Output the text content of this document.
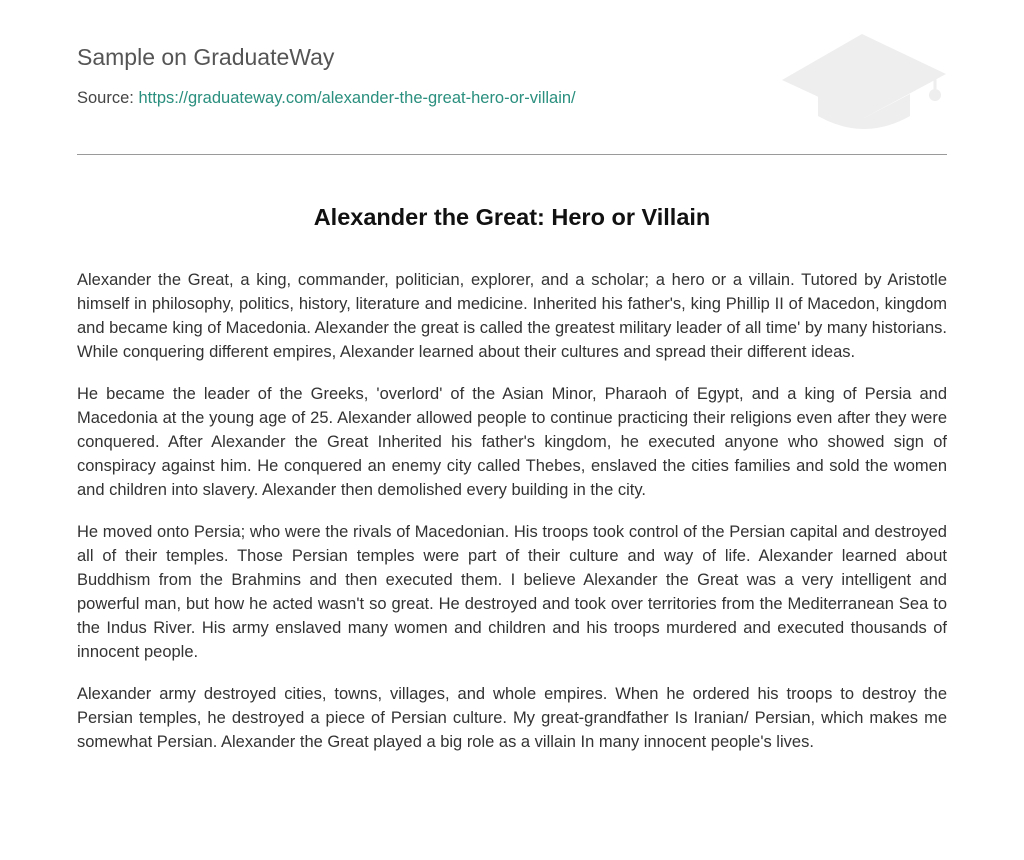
Sample on GraduateWay
Source: https://graduateway.com/alexander-the-great-hero-or-villain/
Alexander the Great: Hero or Villain

Alexander the Great, a king, commander, politician, explorer, and a scholar; a hero or a villain. Tutored by Aristotle himself in philosophy, politics, history, literature and medicine. Inherited his father's, king Phillip II of Macedon, kingdom and became king of Macedonia. Alexander the great is called the greatest military leader of all time' by many historians. While conquering different empires, Alexander learned about their cultures and spread their different ideas.

He became the leader of the Greeks, 'overlord' of the Asian Minor, Pharaoh of Egypt, and a king of Persia and Macedonia at the young age of 25. Alexander allowed people to continue practicing their religions even after they were conquered. After Alexander the Great Inherited his father's kingdom, he executed anyone who showed sign of conspiracy against him. He conquered an enemy city called Thebes, enslaved the cities families and sold the women and children into slavery. Alexander then demolished every building in the city.

He moved onto Persia; who were the rivals of Macedonian. His troops took control of the Persian capital and destroyed all of their temples. Those Persian temples were part of their culture and way of life. Alexander learned about Buddhism from the Brahmins and then executed them. I believe Alexander the Great was a very intelligent and powerful man, but how he acted wasn't so great. He destroyed and took over territories from the Mediterranean Sea to the Indus River. His army enslaved many women and children and his troops murdered and executed thousands of innocent people.

Alexander army destroyed cities, towns, villages, and whole empires. When he ordered his troops to destroy the Persian temples, he destroyed a piece of Persian culture. My great-grandfather Is Iranian/ Persian, which makes me somewhat Persian. Alexander the Great played a big role as a villain In many innocent people's lives.
